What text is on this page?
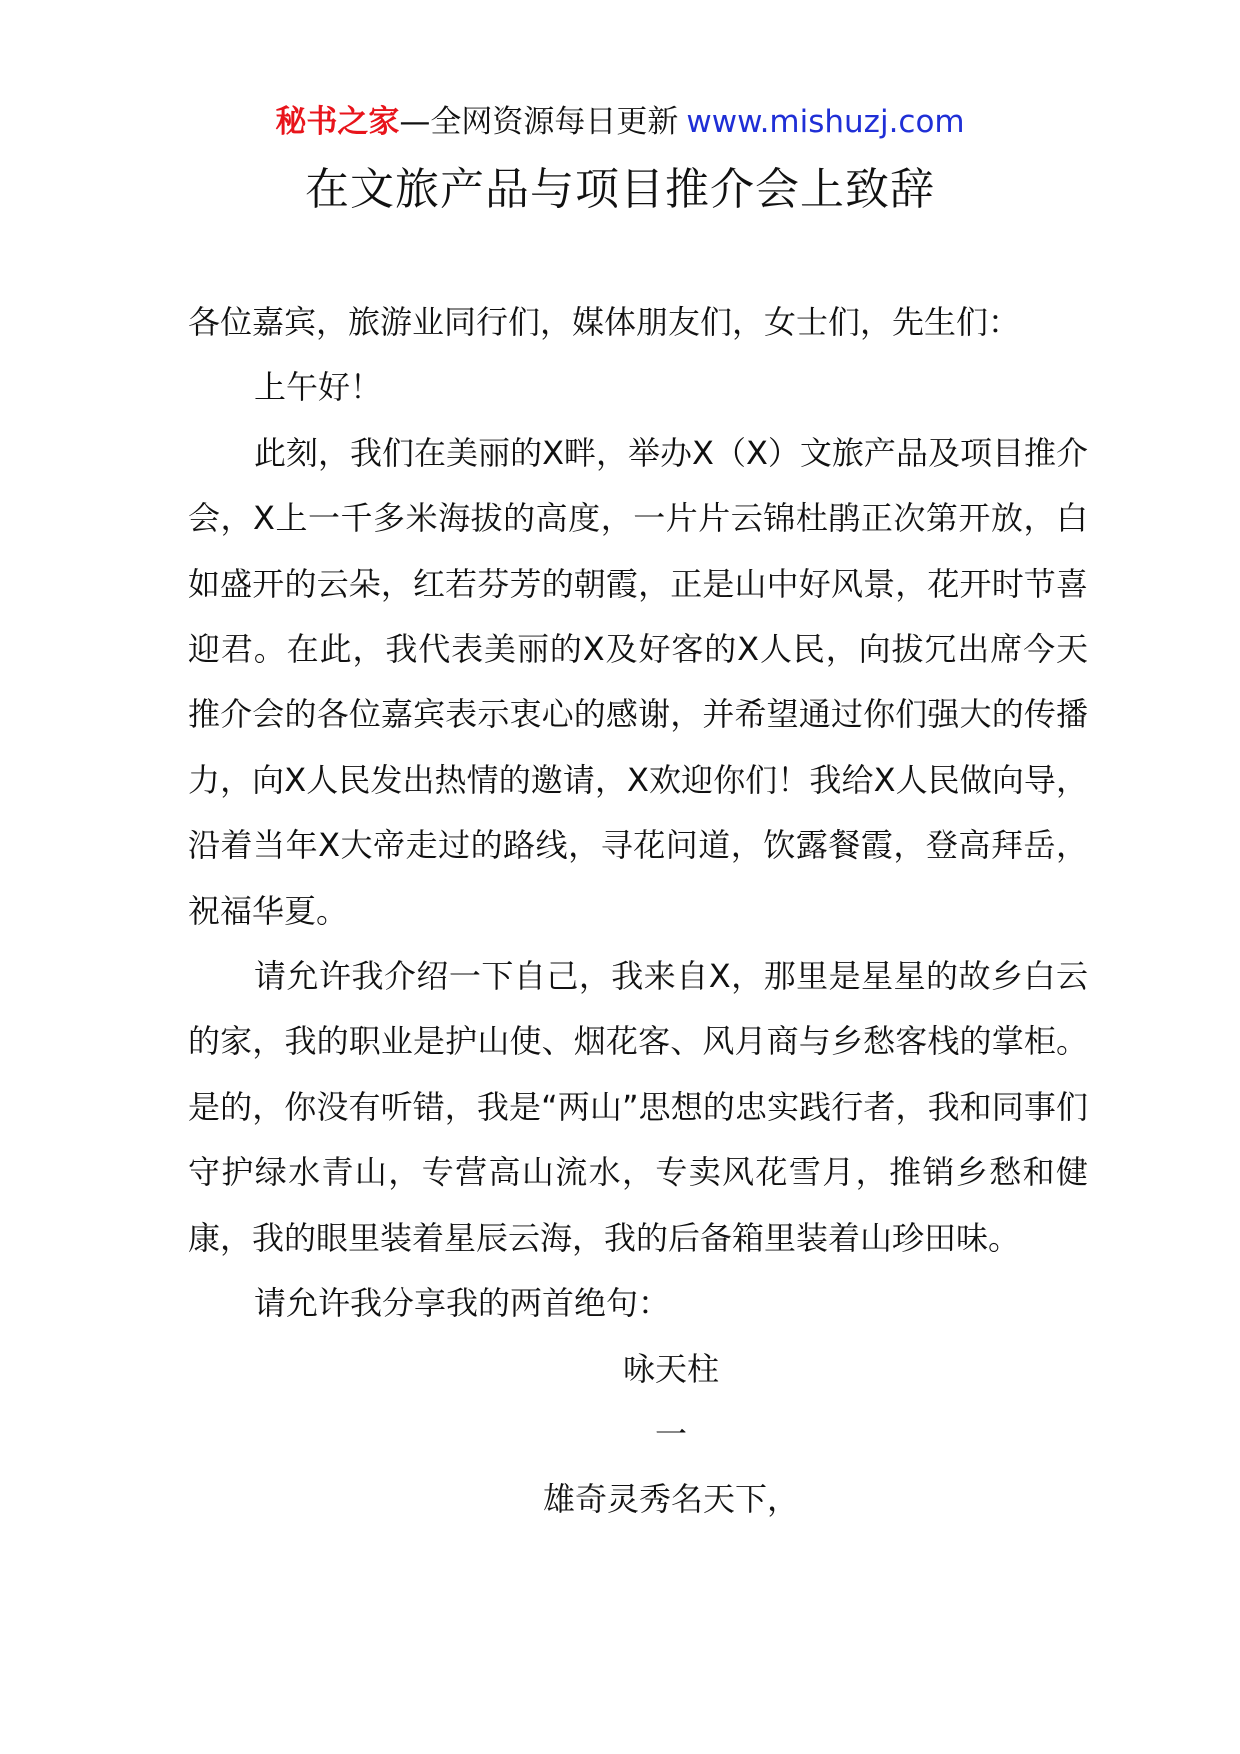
秘书之家—全网资源每日更新 www.mishuzj.com
在文旅产品与项目推介会上致辞

各位嘉宾，旅游业同行们，媒体朋友们，女士们，先生们：

上午好！

此刻，我们在美丽的X畔，举办X（X）文旅产品及项目推介会，X上一千多米海拔的高度，一片片云锦杜鹃正次第开放，白如盛开的云朵，红若芬芳的朝霞，正是山中好风景，花开时节喜迎君。在此，我代表美丽的X及好客的X人民，向拔冗出席今天推介会的各位嘉宾表示衷心的感谢，并希望通过你们强大的传播力，向X人民发出热情的邀请，X欢迎你们！我给X人民做向导，沿着当年X大帝走过的路线，寻花问道，饮露餐霞，登高拜岳，祝福华夏。

请允许我介绍一下自己，我来自X，那里是星星的故乡白云的家，我的职业是护山使、烟花客、风月商与乡愁客栈的掌柜。是的，你没有听错，我是“两山”思想的忠实践行者，我和同事们守护绿水青山，专营高山流水，专卖风花雪月，推销乡愁和健康，我的眼里装着星辰云海，我的后备箱里装着山珍田味。

请允许我分享我的两首绝句：

咏天柱

一

雄奇灵秀名天下，
